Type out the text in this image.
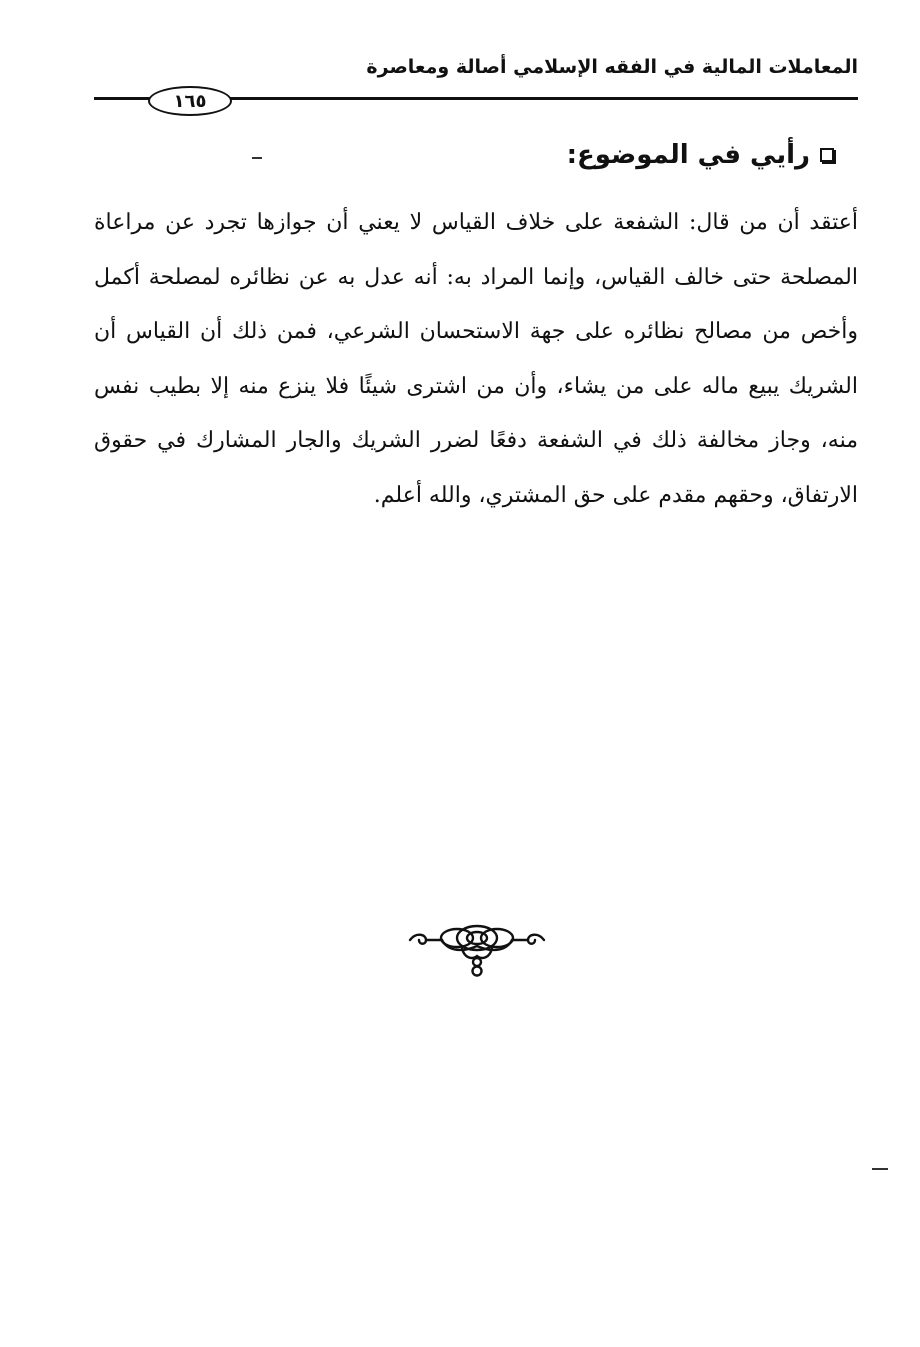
المعاملات المالية في الفقه الإسلامي أصالة ومعاصرة
١٦٥
رأيي في الموضوع:

أعتقد أن من قال: الشفعة على خلاف القياس لا يعني أن جوازها تجرد عن مراعاة المصلحة حتى خالف القياس، وإنما المراد به: أنه عدل به عن نظائره لمصلحة أكمل وأخص من مصالح نظائره على جهة الاستحسان الشرعي، فمن ذلك أن القياس أن الشريك يبيع ماله على من يشاء، وأن من اشترى شيئًا فلا ينزع منه إلا بطيب نفس منه، وجاز مخالفة ذلك في الشفعة دفعًا لضرر الشريك والجار المشارك في حقوق الارتفاق، وحقهم مقدم على حق المشتري، والله أعلم.
